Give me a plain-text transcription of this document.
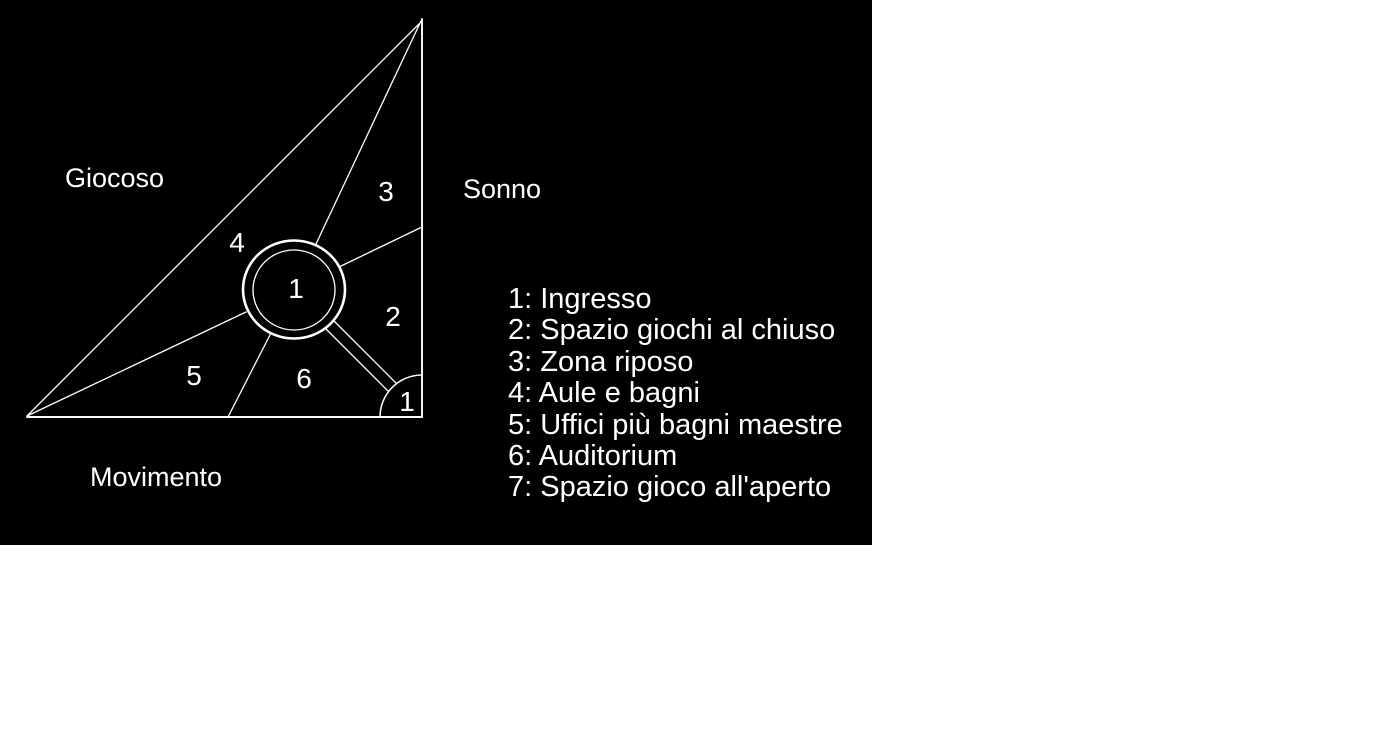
Giocoso	Sonno
Movimento
1
2
3
4
5	6
1
1: Ingresso
2: Spazio giochi al chiuso
3: Zona riposo
4: Aule e bagni
5: Uffici più bagni maestre
6: Auditorium
7: Spazio gioco all'aperto
